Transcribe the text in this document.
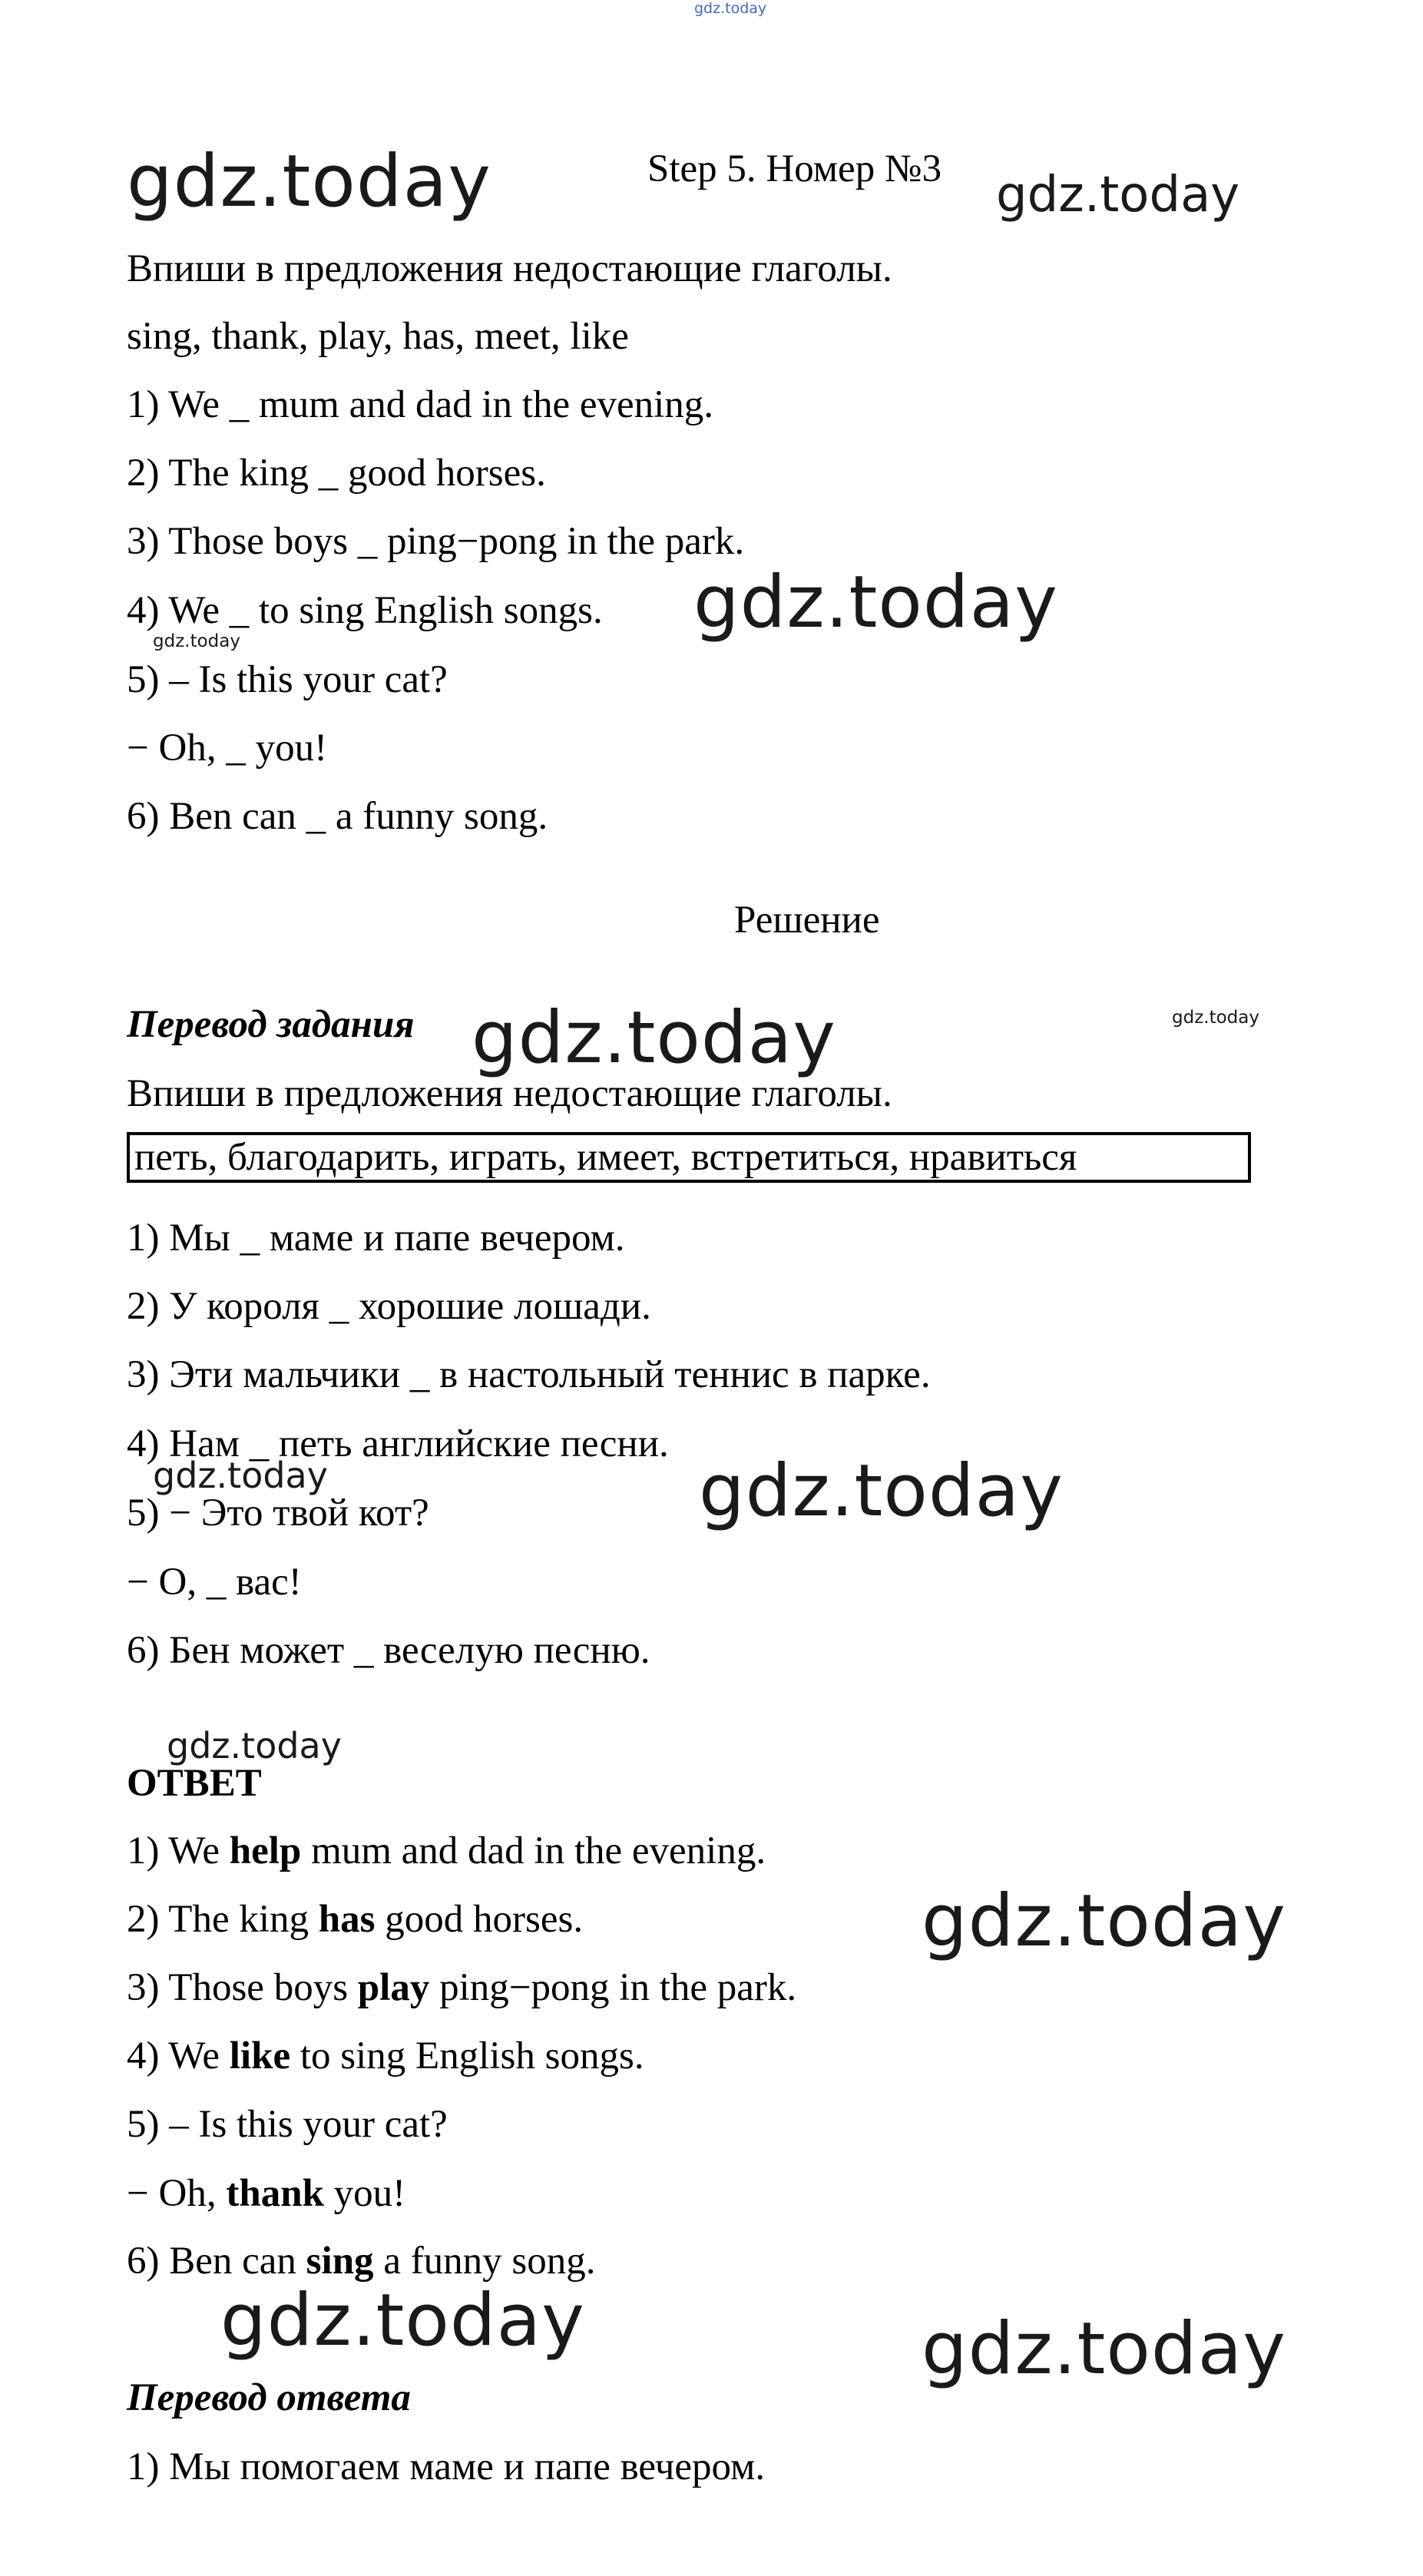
gdz.today
gdz.today	gdz.today
gdz.today
gdz.today
gdz.today	gdz.today
gdz.today	gdz.today
gdz.today
gdz.today
gdz.today	gdz.today
Step 5. Номер №3
Впиши в предложения недостающие глаголы.
sing, thank, play, has, meet, like
1) We _ mum and dad in the evening.
2) The king _ good horses.
3) Those boys _ ping−pong in the park.
4) We _ to sing English songs.
5) – Is this your cat?
− Oh, _ you!
6) Ben can _ a funny song.
Решение
Перевод задания
Впиши в предложения недостающие глаголы.
петь, благодарить, играть, имеет, встретиться, нравиться
1) Мы _ маме и папе вечером.
2) У короля _ хорошие лошади.
3) Эти мальчики _ в настольный теннис в парке.
4) Нам _ петь английские песни.
5) − Это твой кот?
− О, _ вас!
6) Бен может _ веселую песню.
ОТВЕТ
1) We help mum and dad in the evening.
2) The king has good horses.
3) Those boys play ping−pong in the park.
4) We like to sing English songs.
5) – Is this your cat?
− Oh, thank you!
6) Ben can sing a funny song.
Перевод ответа
1) Мы помогаем маме и папе вечером.
